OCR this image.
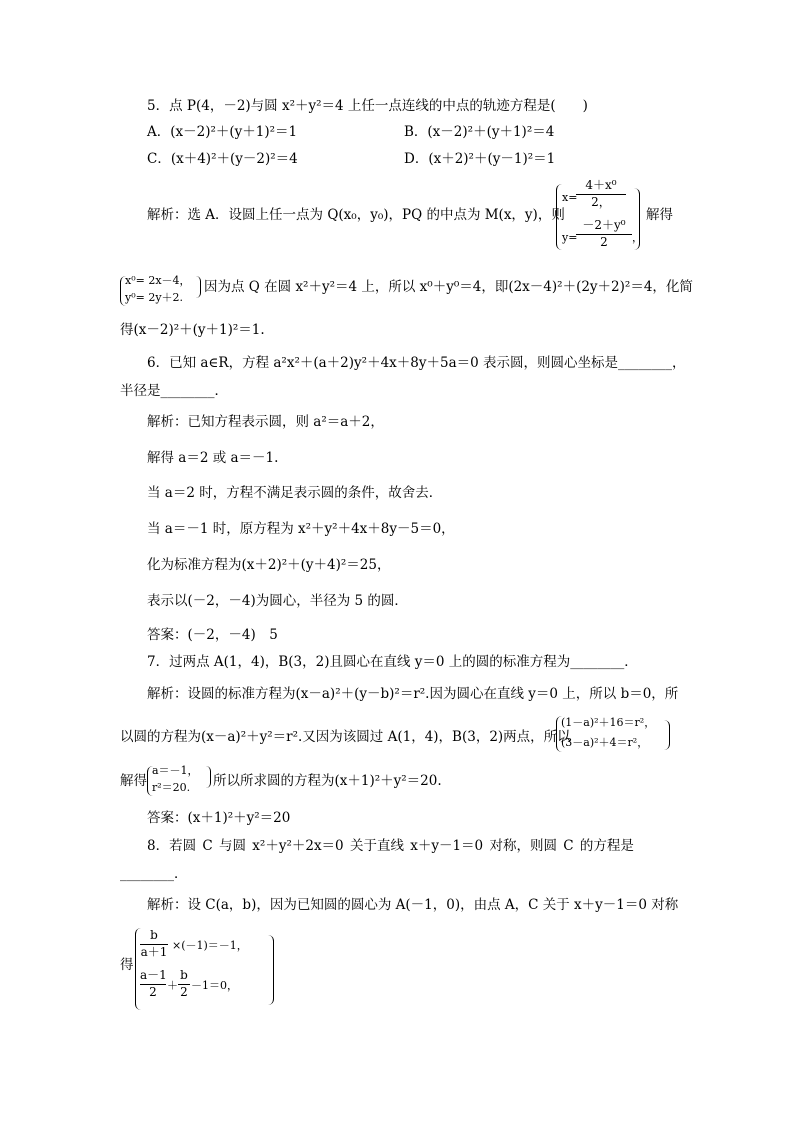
5．点 P(4，－2)与圆 x²＋y²＝4 上任一点连线的中点的轨迹方程是(　　)
A．(x－2)²＋(y＋1)²＝1	B．(x－2)²＋(y＋1)²＝4
C．(x＋4)²＋(y－2)²＝4	D．(x＋2)²＋(y－1)²＝1
解析：选 A．设圆上任一点为 Q(x₀，y₀)，PQ 的中点为 M(x，y)，则
x=
4＋x⁰
2，
y=
－2＋y⁰
2	，
解得
x⁰= 2x－4，
y⁰= 2y＋2.
因为点 Q 在圆 x²＋y²＝4 上，所以 x⁰＋y⁰＝4，即(2x－4)²＋(2y＋2)²＝4，化简
得(x－2)²＋(y＋1)²＝1.
6．已知 a∈R，方程 a²x²＋(a＋2)y²＋4x＋8y＋5a＝0 表示圆，则圆心坐标是________，
半径是________．
解析：已知方程表示圆，则 a²＝a＋2，
解得 a＝2 或 a＝－1.
当 a＝2 时，方程不满足表示圆的条件，故舍去．
当 a＝－1 时，原方程为 x²＋y²＋4x＋8y－5＝0，
化为标准方程为(x＋2)²＋(y＋4)²＝25，
表示以(－2，－4)为圆心，半径为 5 的圆．
答案：(－2，－4)　5
7．过两点 A(1，4)，B(3，2)且圆心在直线 y＝0 上的圆的标准方程为________．
解析：设圆的标准方程为(x－a)²＋(y－b)²＝r².因为圆心在直线 y＝0 上，所以 b＝0，所
以圆的方程为(x－a)²＋y²＝r².又因为该圆过 A(1，4)，B(3，2)两点，所以
(1－a)²＋16＝r²，
(3－a)²＋4＝r²，
解得
a＝－1，
r²＝20. 所以所求圆的方程为(x＋1)²＋y²＝20.
答案：(x＋1)²＋y²＝20
8．若圆 C 与圆 x²＋y²＋2x＝0 关于直线 x＋y－1＝0 对称，则圆 C 的方程是
________．
解析：设 C(a，b)，因为已知圆的圆心为 A(－1，0)，由点 A，C 关于 x＋y－1＝0 对称
得
b
a＋1 ×(－1)＝－1，
a－1
2 ＋
b
2 －1＝0，
